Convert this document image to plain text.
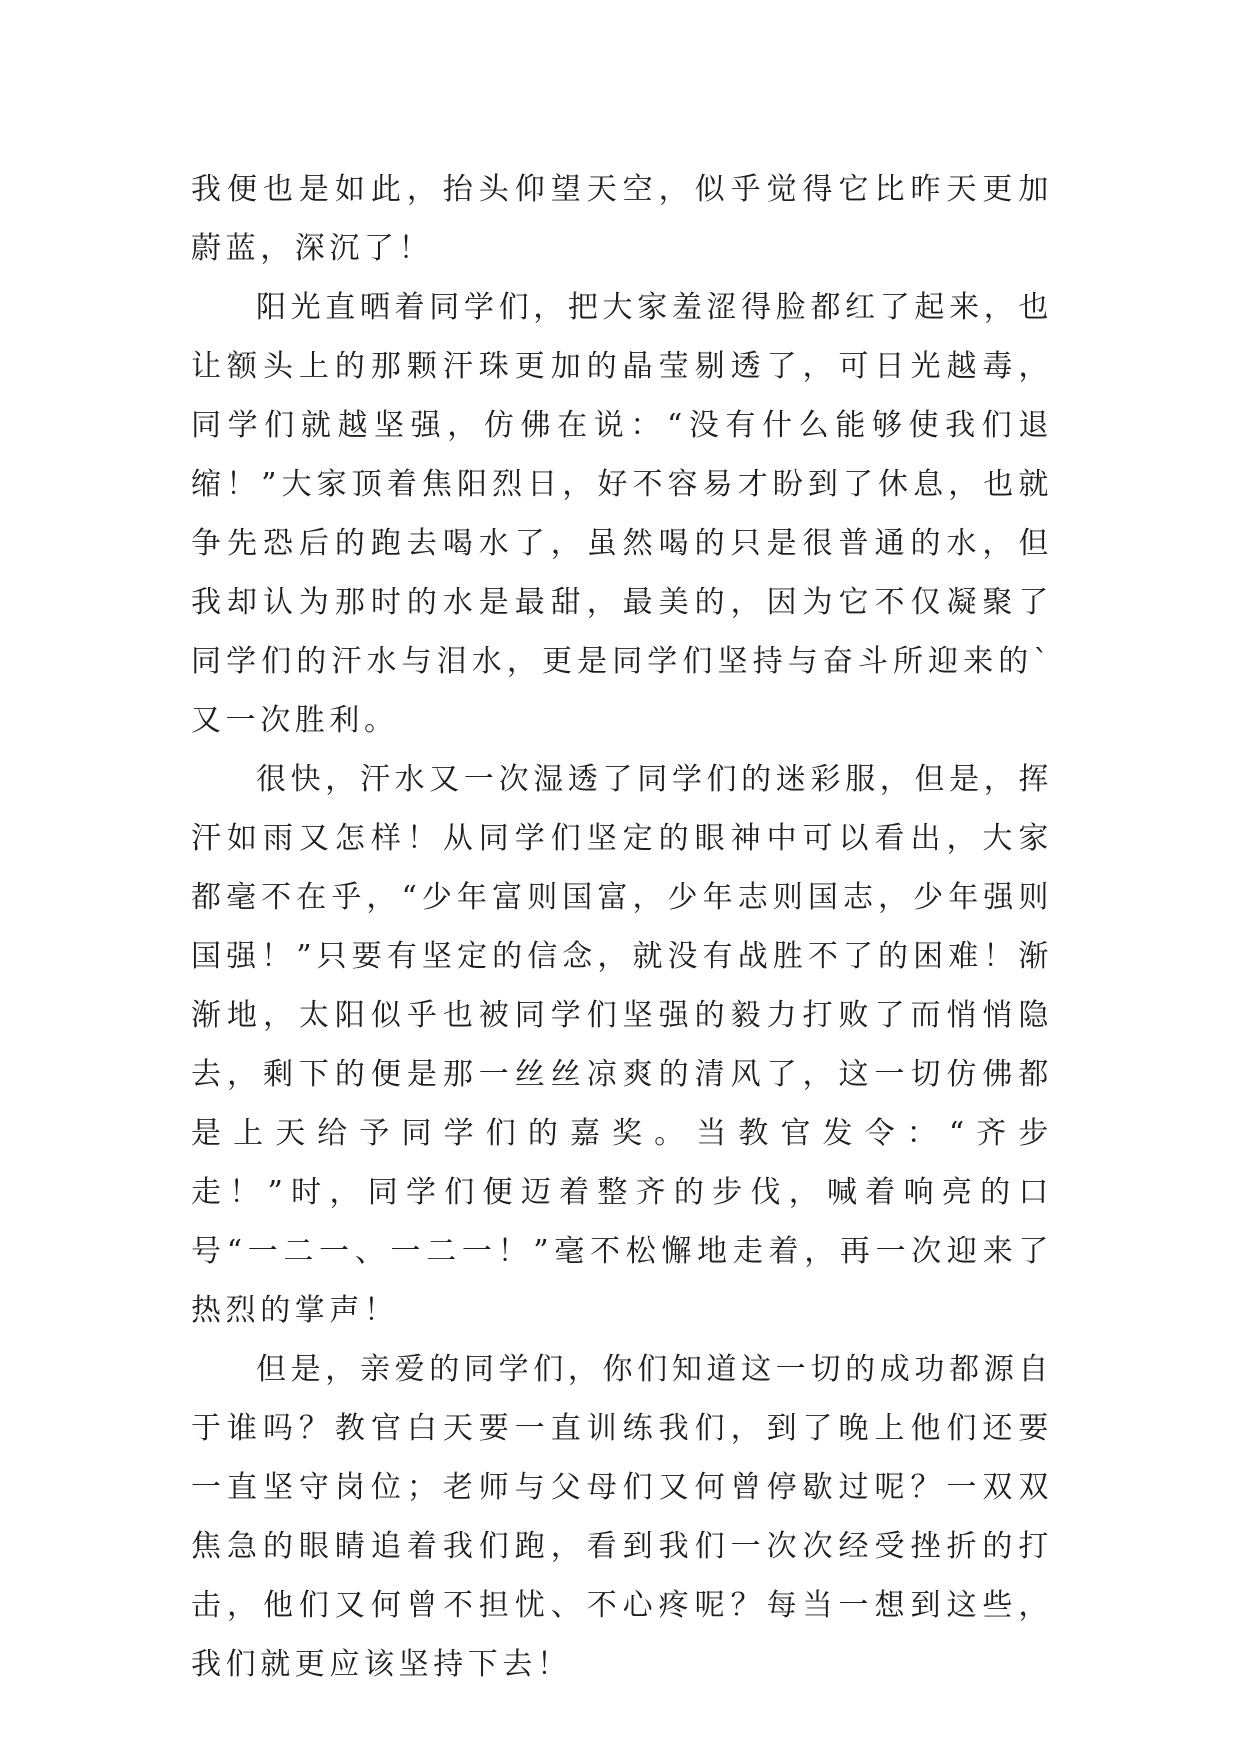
我便也是如此，抬头仰望天空，似乎觉得它比昨天更加蔚蓝，深沉了！

阳光直晒着同学们，把大家羞涩得脸都红了起来，也让额头上的那颗汗珠更加的晶莹剔透了，可日光越毒，同学们就越坚强，仿佛在说：“没有什么能够使我们退缩！”大家顶着焦阳烈日，好不容易才盼到了休息，也就争先恐后的跑去喝水了，虽然喝的只是很普通的水，但我却认为那时的水是最甜，最美的，因为它不仅凝聚了同学们的汗水与泪水，更是同学们坚持与奋斗所迎来的`又一次胜利。

很快，汗水又一次湿透了同学们的迷彩服，但是，挥汗如雨又怎样！从同学们坚定的眼神中可以看出，大家都毫不在乎，“少年富则国富，少年志则国志，少年强则国强！”只要有坚定的信念，就没有战胜不了的困难！渐渐地，太阳似乎也被同学们坚强的毅力打败了而悄悄隐去，剩下的便是那一丝丝凉爽的清风了，这一切仿佛都是上天给予同学们的嘉奖。当教官发令：“齐步走！”时，同学们便迈着整齐的步伐，喊着响亮的口号“一二一、一二一！”毫不松懈地走着，再一次迎来了热烈的掌声！

但是，亲爱的同学们，你们知道这一切的成功都源自于谁吗？教官白天要一直训练我们，到了晚上他们还要一直坚守岗位；老师与父母们又何曾停歇过呢？一双双焦急的眼睛追着我们跑，看到我们一次次经受挫折的打击，他们又何曾不担忧、不心疼呢？每当一想到这些，我们就更应该坚持下去！
